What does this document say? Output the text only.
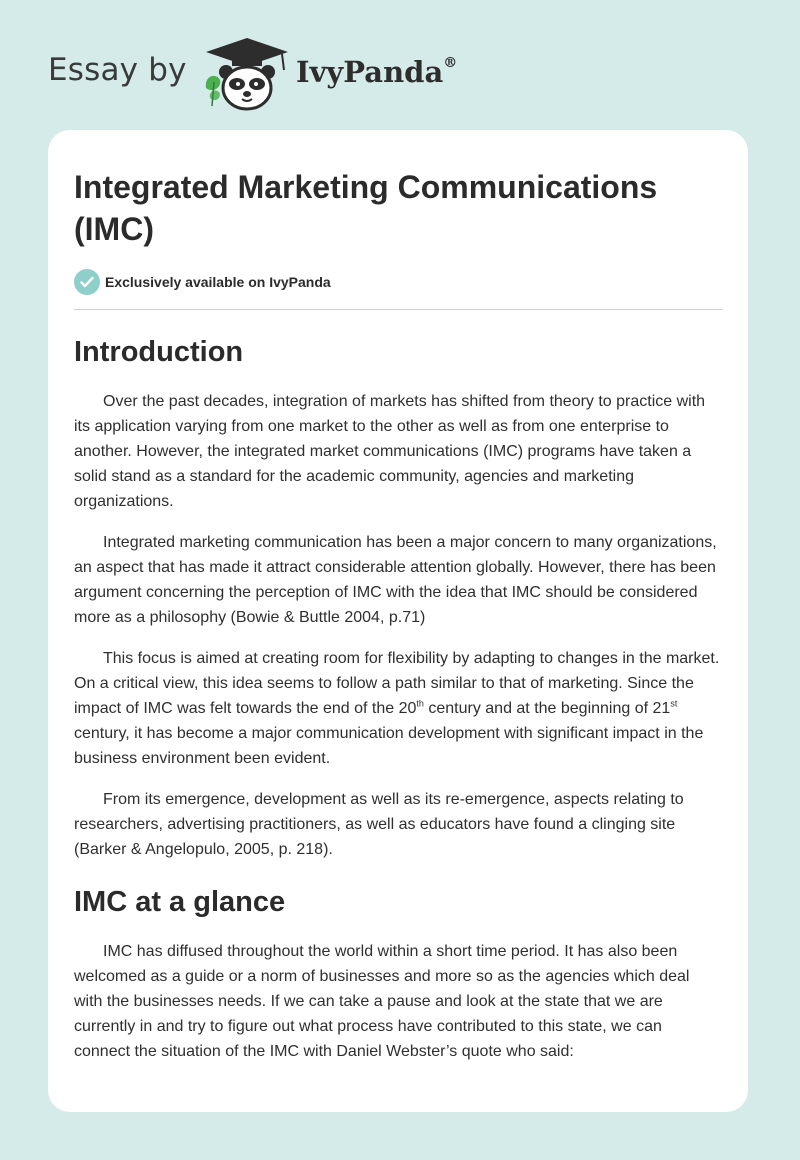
Essay by	IvyPanda®
Integrated Marketing Communications
(IMC)
Exclusively available on IvyPanda
Introduction

Over the past decades, integration of markets has shifted from theory to practice with its application varying from one market to the other as well as from one enterprise to another. However, the integrated market communications (IMC) programs have taken a solid stand as a standard for the academic community, agencies and marketing organizations.

Integrated marketing communication has been a major concern to many organizations, an aspect that has made it attract considerable attention globally. However, there has been argument concerning the perception of IMC with the idea that IMC should be considered more as a philosophy (Bowie & Buttle 2004, p.71)

This focus is aimed at creating room for flexibility by adapting to changes in the market. On a critical view, this idea seems to follow a path similar to that of marketing. Since the impact of IMC was felt towards the end of the 20th century and at the beginning of 21st century, it has become a major communication development with significant impact in the business environment been evident.

From its emergence, development as well as its re-emergence, aspects relating to researchers, advertising practitioners, as well as educators have found a clinging site (Barker & Angelopulo, 2005, p. 218).

IMC at a glance

IMC has diffused throughout the world within a short time period. It has also been welcomed as a guide or a norm of businesses and more so as the agencies which deal with the businesses needs. If we can take a pause and look at the state that we are currently in and try to figure out what process have contributed to this state, we can connect the situation of the IMC with Daniel Webster’s quote who said:
